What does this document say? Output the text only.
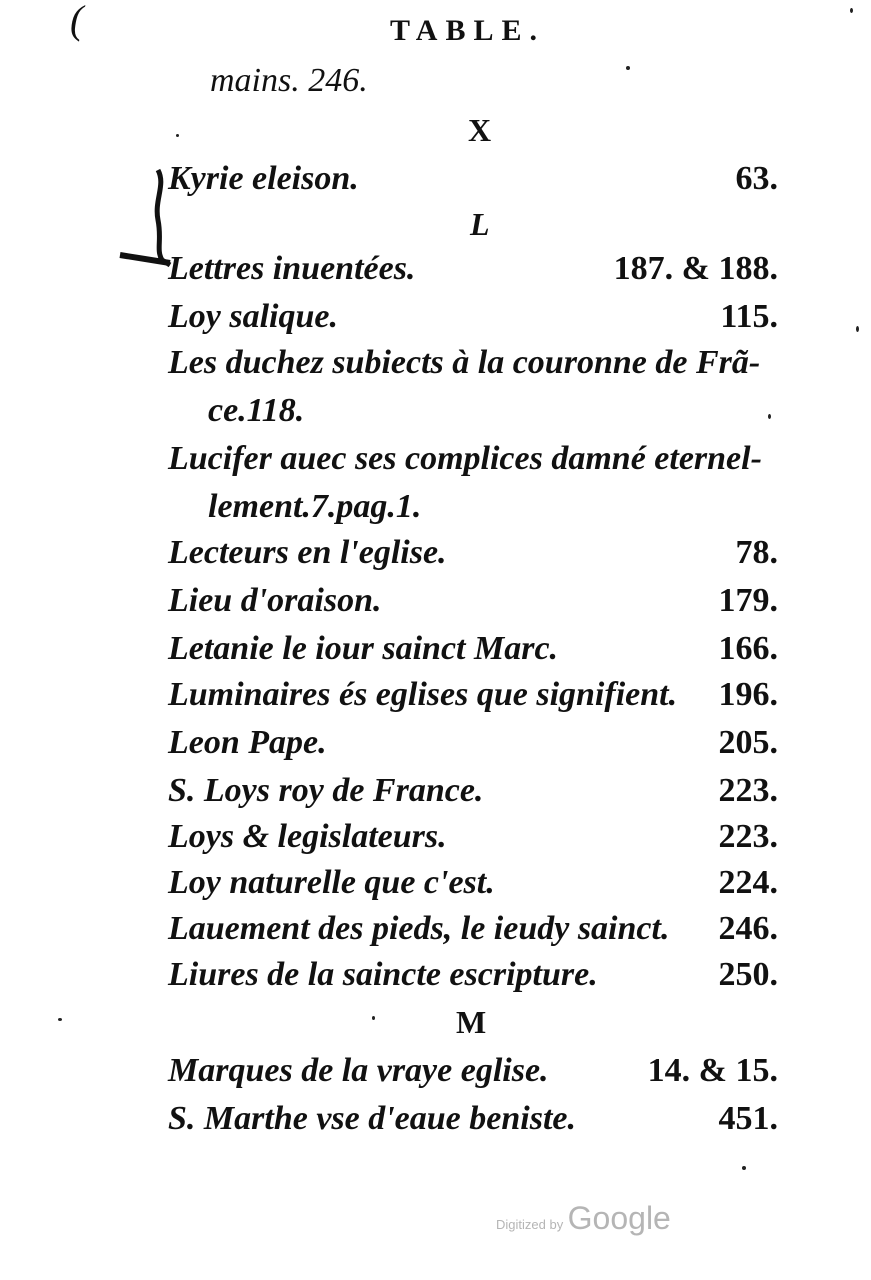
(	TABLE.
mains. 246.
X
Kyrie eleison.	63.
L
Lettres inuentées.	187. & 188.
Loy salique.	115.
Les duchez subiects à la couronne de Frã-
ce.118.
Lucifer auec ses complices damné eternel-
lement.7.pag.1.
Lecteurs en l'eglise.	78.
Lieu d'oraison.	179.
Letanie le iour sainct Marc.	166.
Luminaires és eglises que signifient. 196.
Leon Pape.	205.
S. Loys roy de France.	223.
Loys & legislateurs.	223.
Loy naturelle que c'est.	224.
Lauement des pieds, le ieudy sainct. 246.
Liures de la saincte escripture.	250.
M
Marques de la vraye eglise.	14. & 15.
S. Marthe vse d'eaue beniste.	451.
Digitized by Google
